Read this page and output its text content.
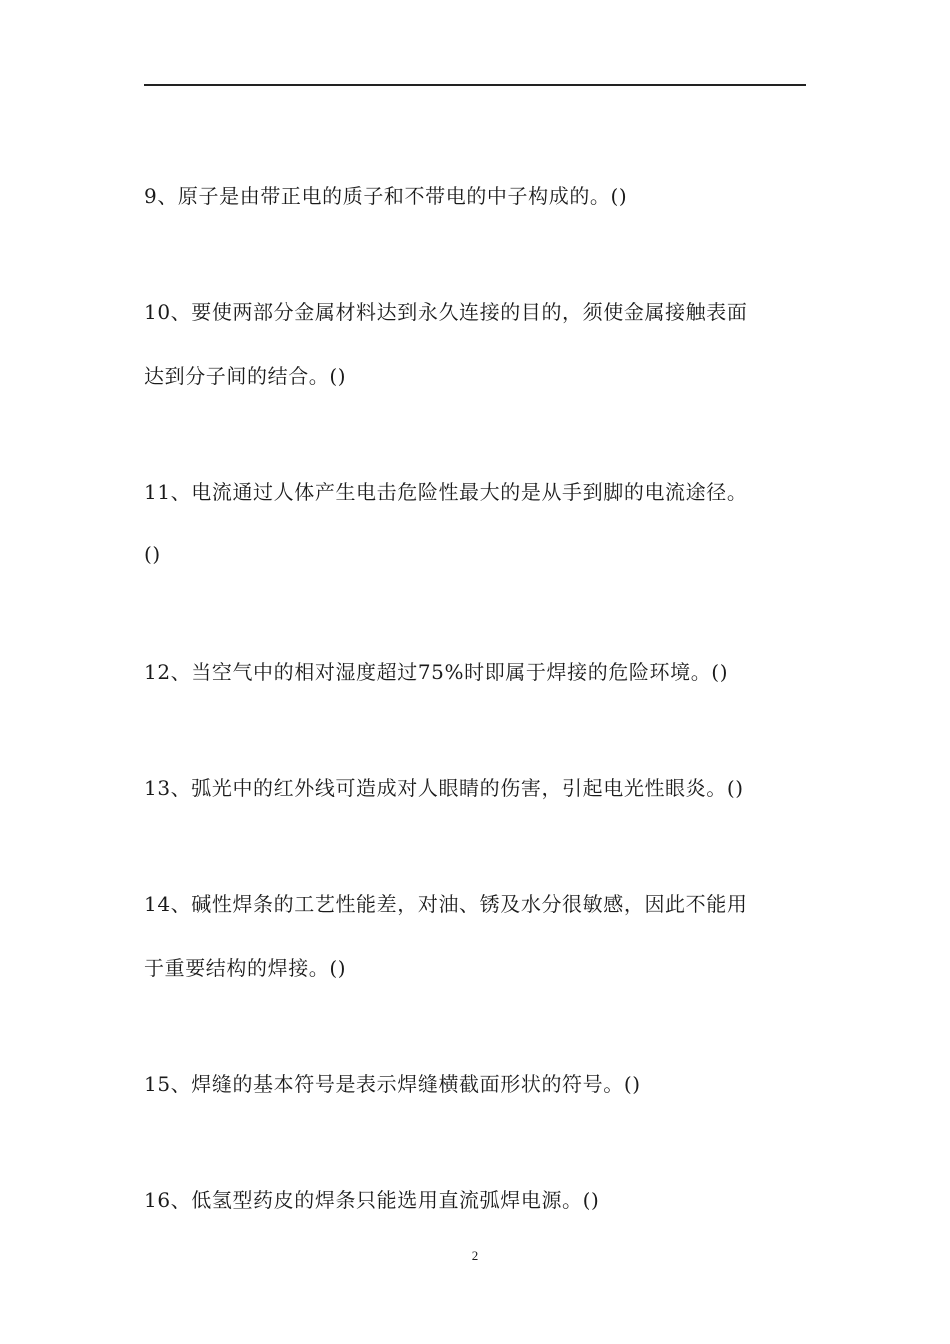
9、原子是由带正电的质子和不带电的中子构成的。()
10、要使两部分金属材料达到永久连接的目的，须使金属接触表面
达到分子间的结合。()
11、电流通过人体产生电击危险性最大的是从手到脚的电流途径。
()
12、当空气中的相对湿度超过75%时即属于焊接的危险环境。()
13、弧光中的红外线可造成对人眼睛的伤害，引起电光性眼炎。()
14、碱性焊条的工艺性能差，对油、锈及水分很敏感，因此不能用
于重要结构的焊接。()
15、焊缝的基本符号是表示焊缝横截面形状的符号。()
16、低氢型药皮的焊条只能选用直流弧焊电源。()
2
